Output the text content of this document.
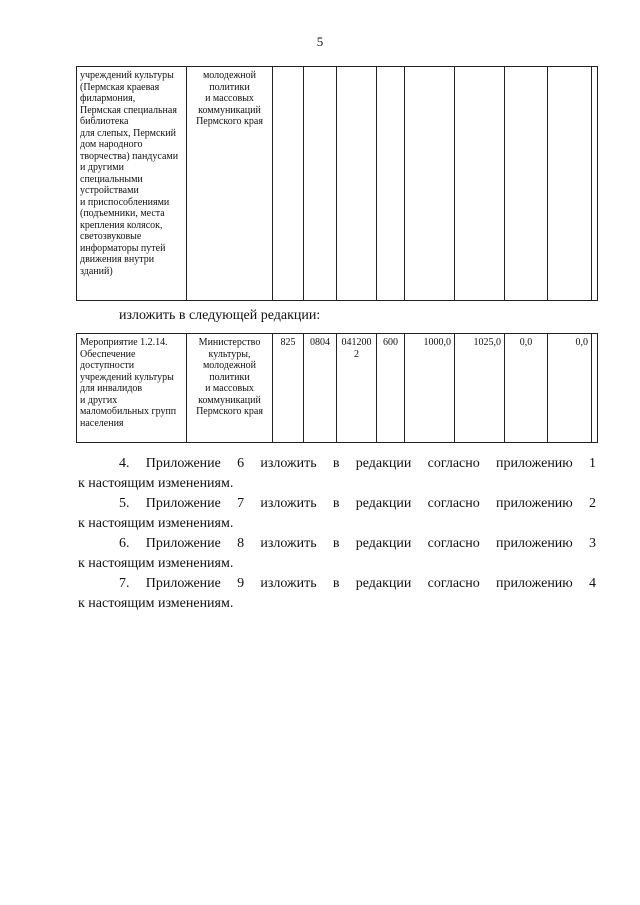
5
учреждений культуры
(Пермская краевая
филармония,
Пермская специальная
библиотека
для слепых, Пермский
дом народного
творчества) пандусами
и другими
специальными
устройствами
и приспособлениями
(подъемники, места
крепления колясок,
светозвуковые
информаторы путей
движения внутри
зданий)	молодежной
политики
и массовых
коммуникаций
Пермского края									
изложить в следующей редакции:
Мероприятие 1.2.14.
Обеспечение
доступности
учреждений культуры
для инвалидов
и других
маломобильных групп
населения	Министерство
культуры,
молодежной
политики
и массовых
коммуникаций
Пермского края	825	0804	0412002	600	1000,0	1025,0	0,0	0,0	

4. Приложение 6 изложить в редакции согласно приложению 1
к настоящим изменениям.

5. Приложение 7 изложить в редакции согласно приложению 2
к настоящим изменениям.

6. Приложение 8 изложить в редакции согласно приложению 3
к настоящим изменениям.

7. Приложение 9 изложить в редакции согласно приложению 4
к настоящим изменениям.
